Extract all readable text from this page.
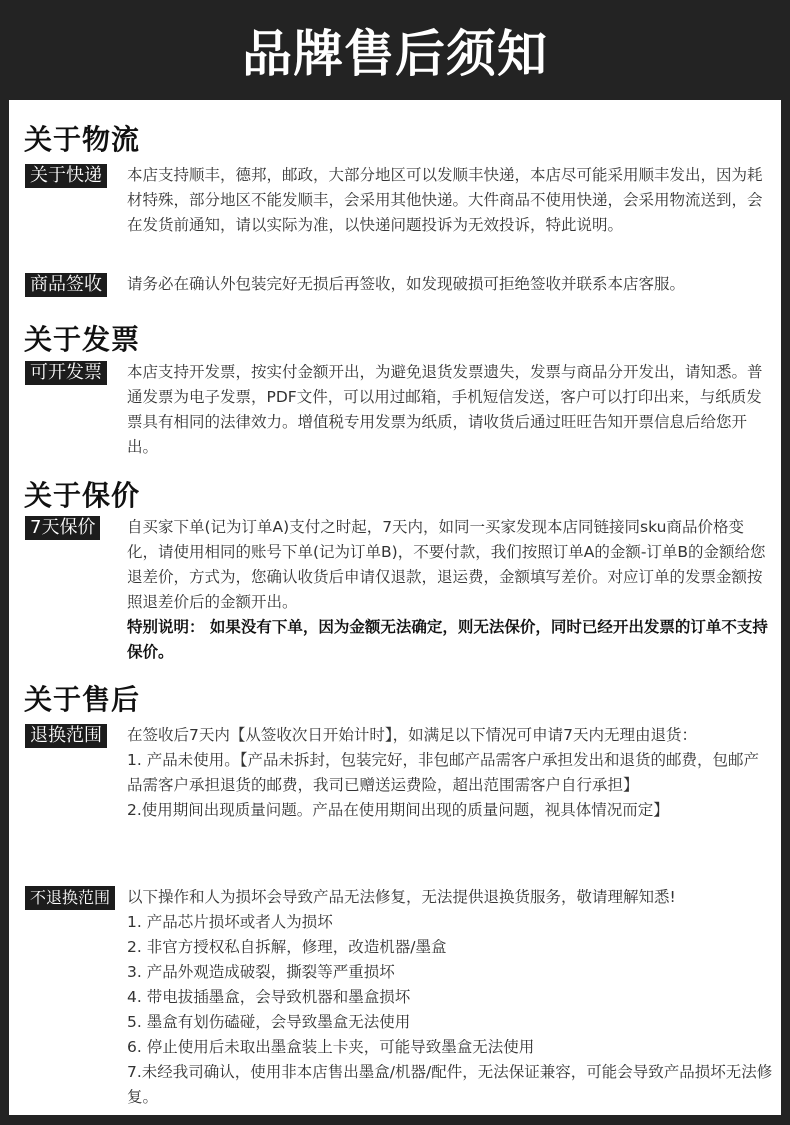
品牌售后须知
关于物流
关于快递	本店支持顺丰，德邦，邮政，大部分地区可以发顺丰快递，本店尽可能采用顺丰发出，因为耗材特殊，部分地区不能发顺丰，会采用其他快递。大件商品不使用快递，会采用物流送到，会在发货前通知，请以实际为准，以快递问题投诉为无效投诉，特此说明。

商品签收	请务必在确认外包装完好无损后再签收，如发现破损可拒绝签收并联系本店客服。

关于发票
可开发票	本店支持开发票，按实付金额开出，为避免退货发票遗失，发票与商品分开发出，请知悉。普通发票为电子发票，PDF文件，可以用过邮箱，手机短信发送，客户可以打印出来，与纸质发票具有相同的法律效力。增值税专用发票为纸质，请收货后通过旺旺告知开票信息后给您开出。

关于保价
7天保价	自买家下单(记为订单A)支付之时起，7天内，如同一买家发现本店同链接同sku商品价格变化，请使用相同的账号下单(记为订单B)，不要付款，我们按照订单A的金额-订单B的金额给您退差价，方式为，您确认收货后申请仅退款，退运费，金额填写差价。对应订单的发票金额按照退差价后的金额开出。

特别说明： 如果没有下单，因为金额无法确定，则无法保价，同时已经开出发票的订单不支持保价。

关于售后
退换范围	在签收后7天内【从签收次日开始计时】，如满足以下情况可申请7天内无理由退货：

1. 产品未使用。【产品未拆封，包装完好，非包邮产品需客户承担发出和退货的邮费，包邮产品需客户承担退货的邮费，我司已赠送运费险，超出范围需客户自行承担】

2.使用期间出现质量问题。产品在使用期间出现的质量问题，视具体情况而定】

不退换范围	以下操作和人为损坏会导致产品无法修复，无法提供退换货服务，敬请理解知悉!

1. 产品芯片损坏或者人为损坏

2. 非官方授权私自拆解，修理，改造机器/墨盒

3. 产品外观造成破裂，撕裂等严重损坏

4. 带电拔插墨盒，会导致机器和墨盒损坏

5. 墨盒有划伤磕碰，会导致墨盒无法使用

6. 停止使用后未取出墨盒装上卡夹，可能导致墨盒无法使用

7.未经我司确认，使用非本店售出墨盒/机器/配件，无法保证兼容，可能会导致产品损坏无法修复。
